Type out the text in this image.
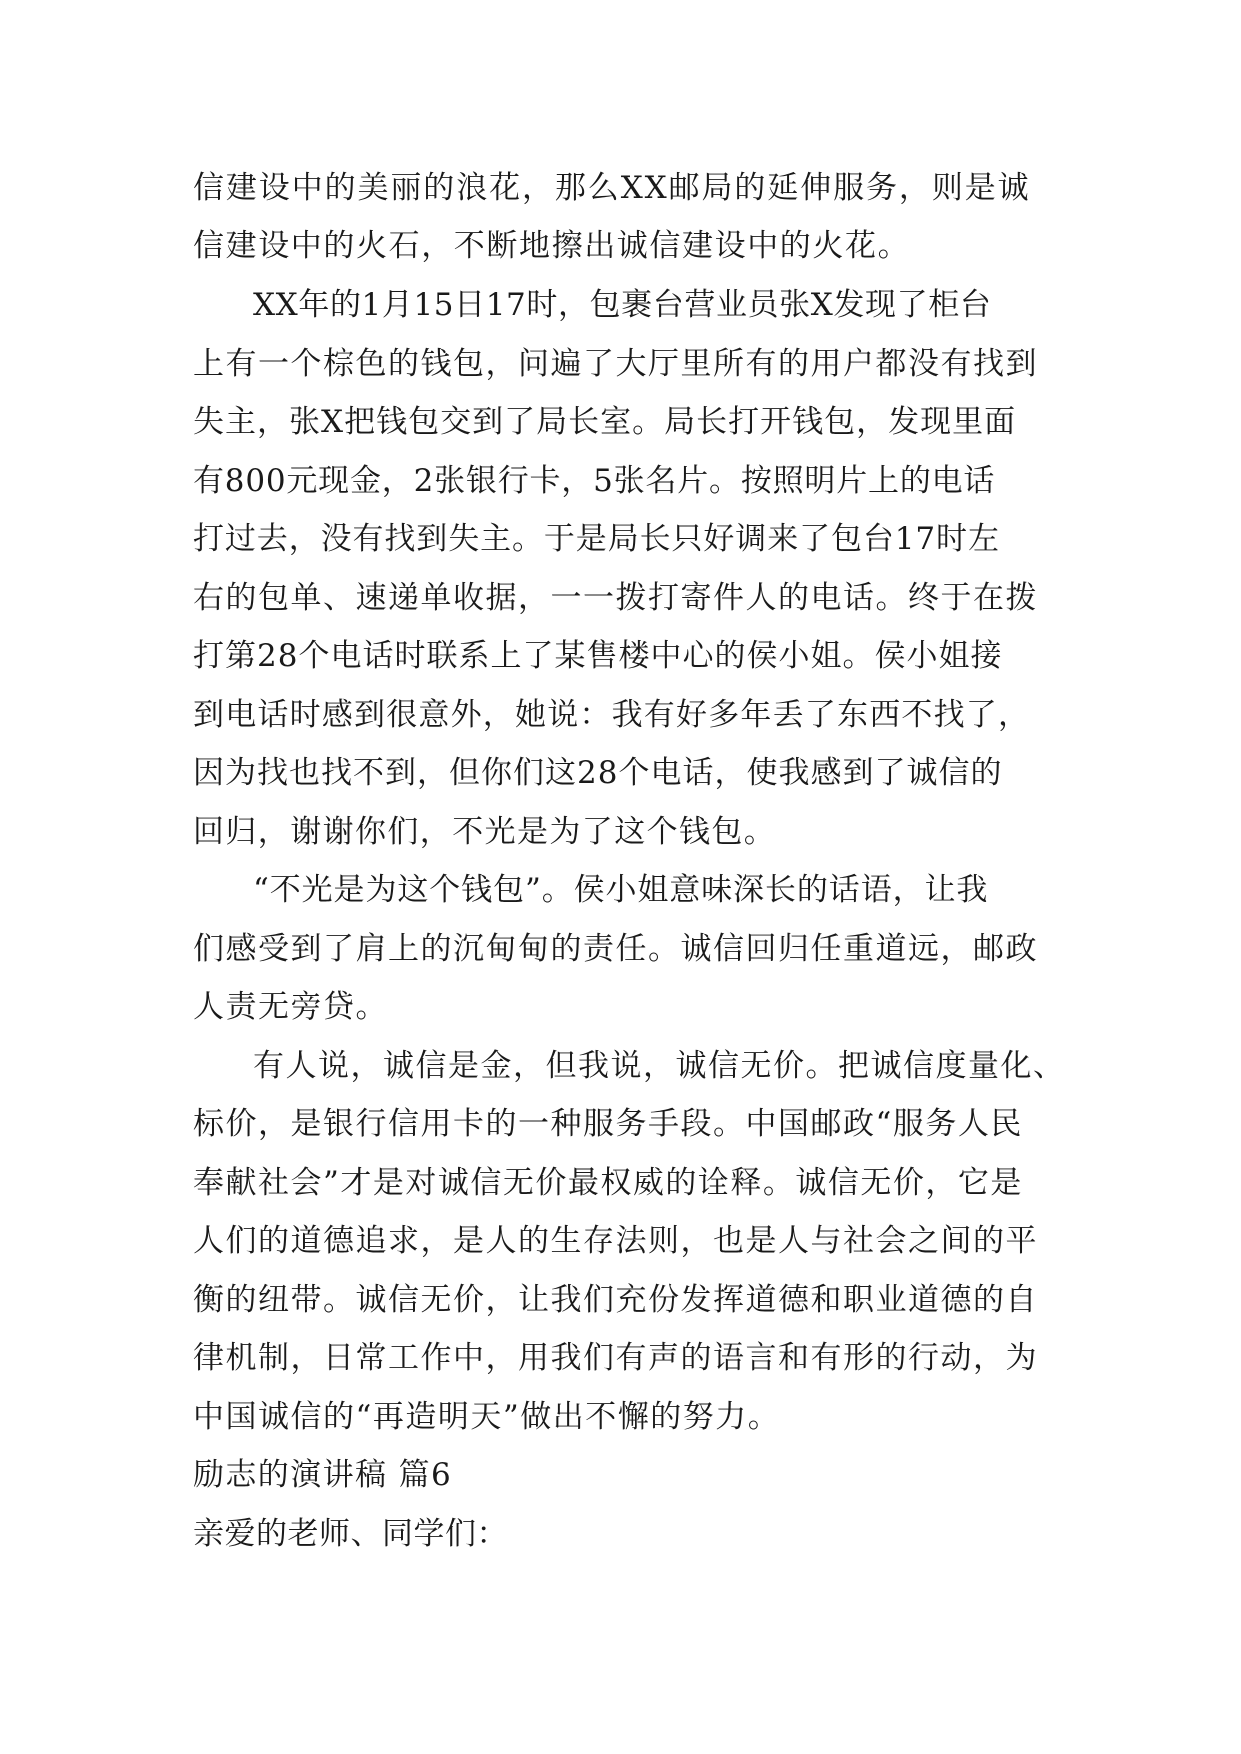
信建设中的美丽的浪花，那么XX邮局的延伸服务，则是诚
信建设中的火石，不断地擦出诚信建设中的火花。
XX年的1月15日17时，包裹台营业员张X发现了柜台
上有一个棕色的钱包，问遍了大厅里所有的用户都没有找到
失主，张X把钱包交到了局长室。局长打开钱包，发现里面
有800元现金，2张银行卡，5张名片。按照明片上的电话
打过去，没有找到失主。于是局长只好调来了包台17时左
右的包单、速递单收据，一一拨打寄件人的电话。终于在拨
打第28个电话时联系上了某售楼中心的侯小姐。侯小姐接
到电话时感到很意外，她说：我有好多年丢了东西不找了，
因为找也找不到，但你们这28个电话，使我感到了诚信的
回归，谢谢你们，不光是为了这个钱包。
“不光是为这个钱包”。侯小姐意味深长的话语，让我
们感受到了肩上的沉甸甸的责任。诚信回归任重道远，邮政
人责无旁贷。
有人说，诚信是金，但我说，诚信无价。把诚信度量化、
标价，是银行信用卡的一种服务手段。中国邮政“服务人民
奉献社会”才是对诚信无价最权威的诠释。诚信无价，它是
人们的道德追求，是人的生存法则，也是人与社会之间的平
衡的纽带。诚信无价，让我们充份发挥道德和职业道德的自
律机制，日常工作中，用我们有声的语言和有形的行动，为
中国诚信的“再造明天”做出不懈的努力。
励志的演讲稿 篇6
亲爱的老师、同学们：
